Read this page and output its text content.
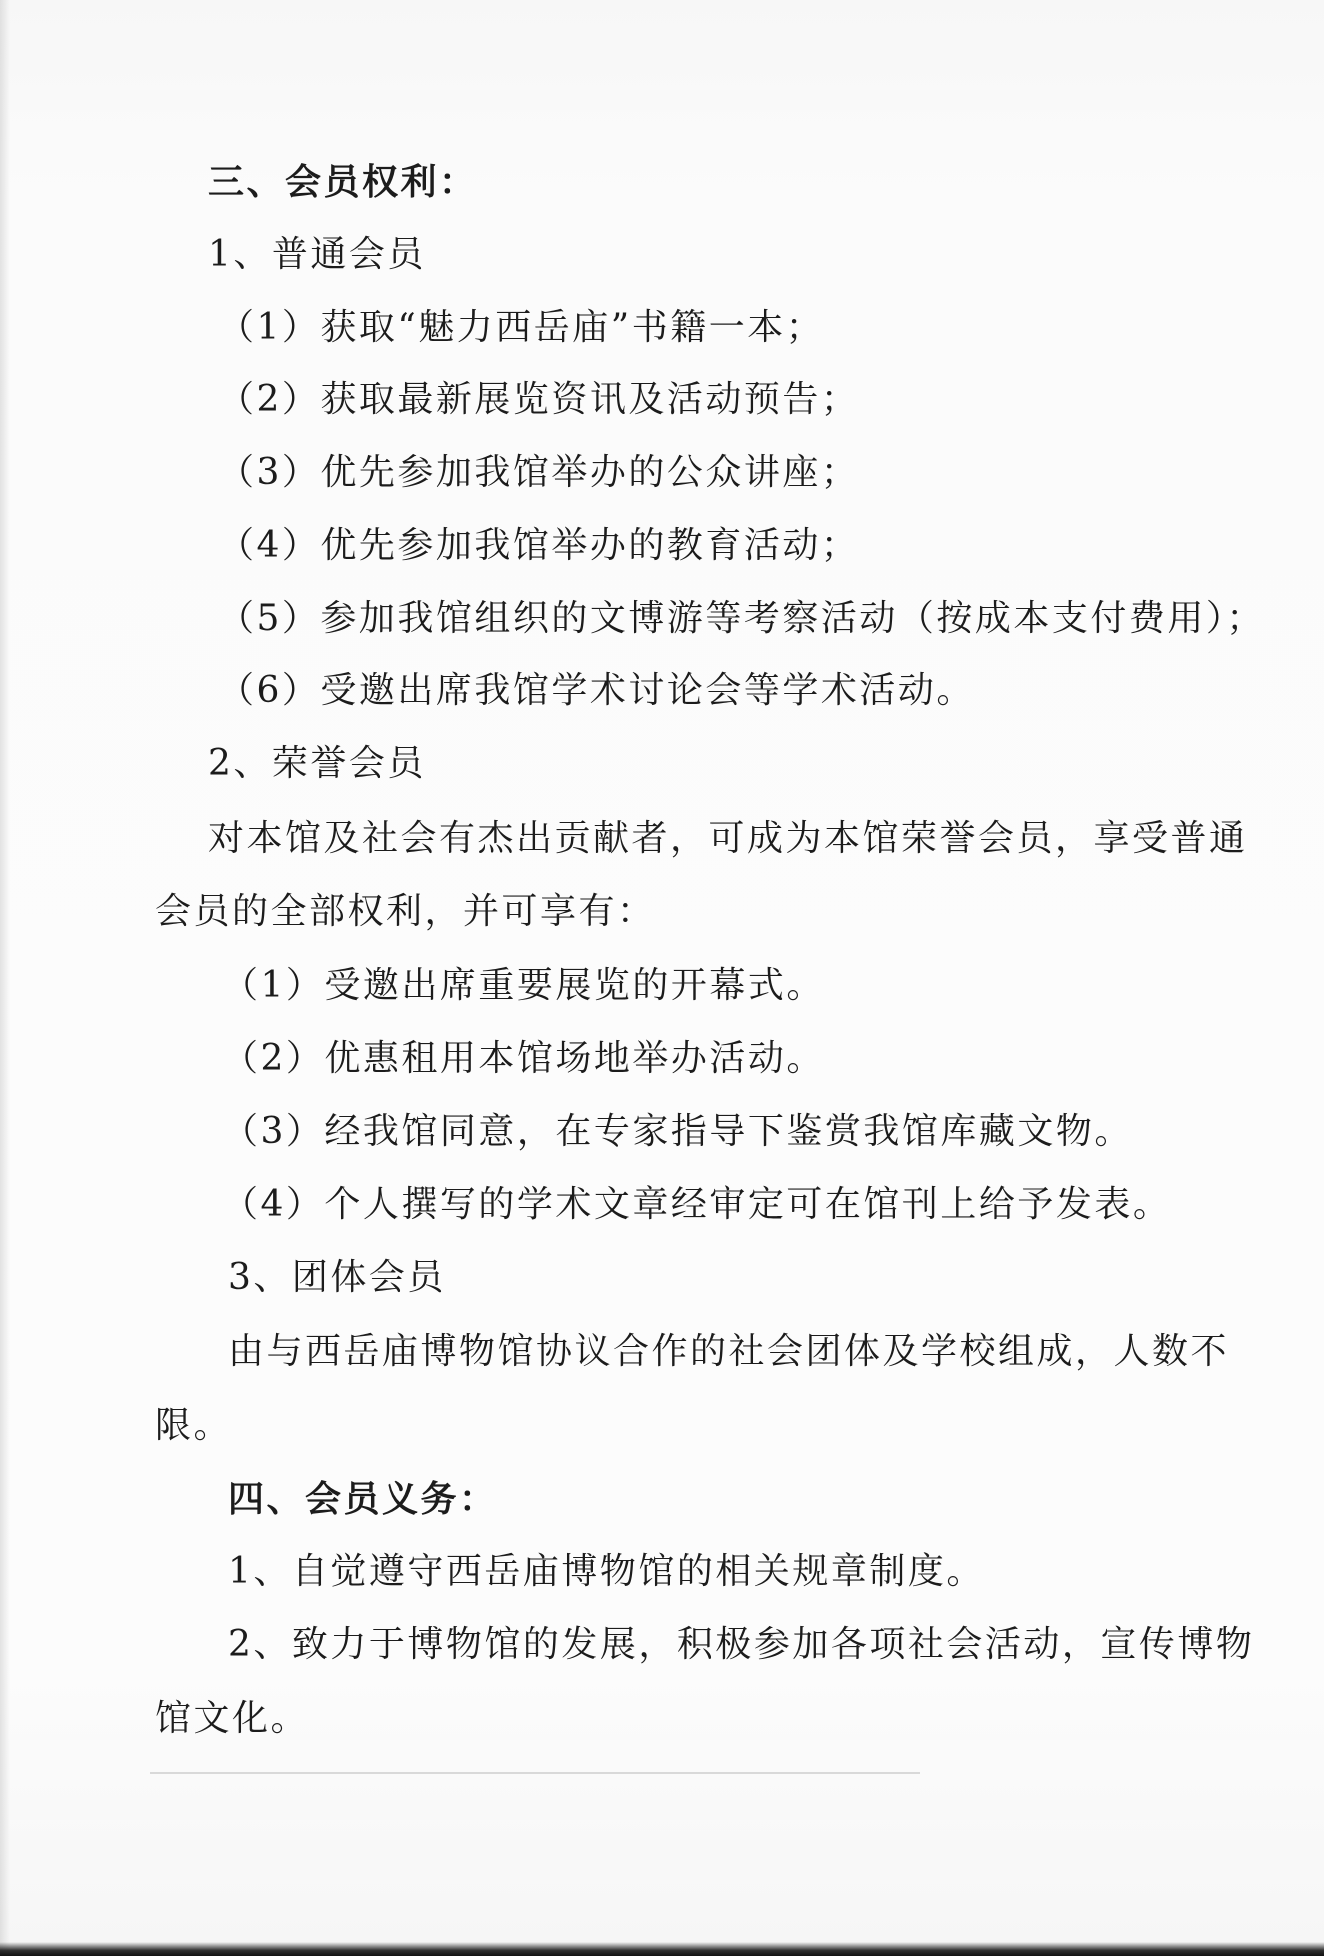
三、会员权利：

1、普通会员

（1）获取“魅力西岳庙”书籍一本；

（2）获取最新展览资讯及活动预告；

（3）优先参加我馆举办的公众讲座；

（4）优先参加我馆举办的教育活动；

（5）参加我馆组织的文博游等考察活动（按成本支付费用）；

（6）受邀出席我馆学术讨论会等学术活动。

2、荣誉会员

对本馆及社会有杰出贡献者，可成为本馆荣誉会员，享受普通

会员的全部权利，并可享有：

（1）受邀出席重要展览的开幕式。

（2）优惠租用本馆场地举办活动。

（3）经我馆同意，在专家指导下鉴赏我馆库藏文物。

（4）个人撰写的学术文章经审定可在馆刊上给予发表。

3、团体会员

由与西岳庙博物馆协议合作的社会团体及学校组成，人数不

限。

四、会员义务：

1、自觉遵守西岳庙博物馆的相关规章制度。

2、致力于博物馆的发展，积极参加各项社会活动，宣传博物

馆文化。
